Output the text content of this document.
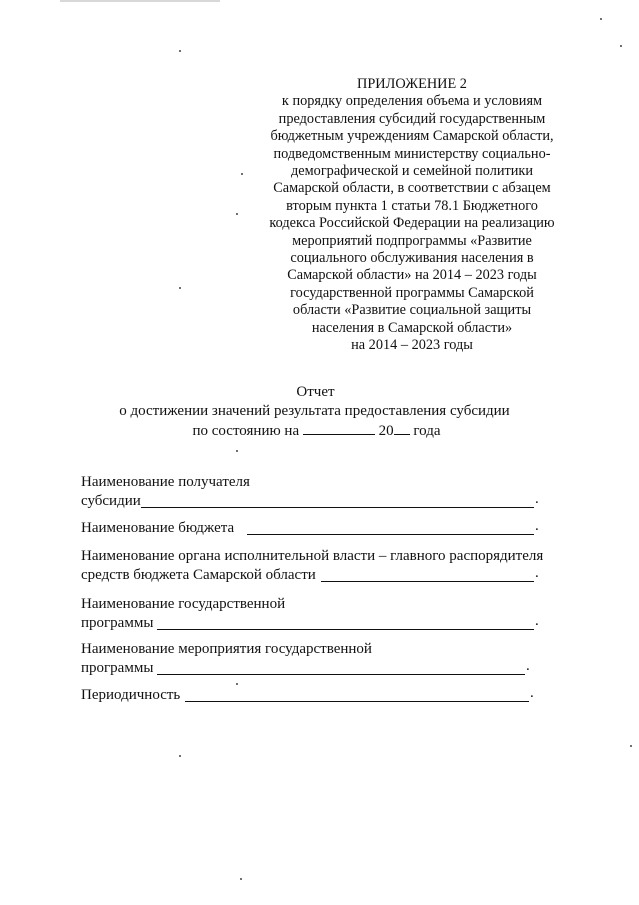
ПРИЛОЖЕНИЕ 2
к порядку определения объема и условиям
предоставления субсидий государственным
бюджетным учреждениям Самарской области,
подведомственным министерству социально-
демографической и семейной политики
Самарской области, в соответствии с абзацем
вторым пункта 1 статьи 78.1 Бюджетного
кодекса Российской Федерации на реализацию
мероприятий подпрограммы «Развитие
социального обслуживания населения в
Самарской области» на 2014 – 2023 годы
государственной программы Самарской
области «Развитие социальной защиты
населения в Самарской области»
на 2014 – 2023 годы
Отчет
о достижении значений результата предоставления субсидии
по состоянию на	20 года
Наименование получателя
субсидии	.
Наименование бюджета	.
Наименование органа исполнительной власти – главного распорядителя
средств бюджета Самарской области	.
Наименование государственной
программы	.
Наименование мероприятия государственной
программы	.
Периодичность	.
